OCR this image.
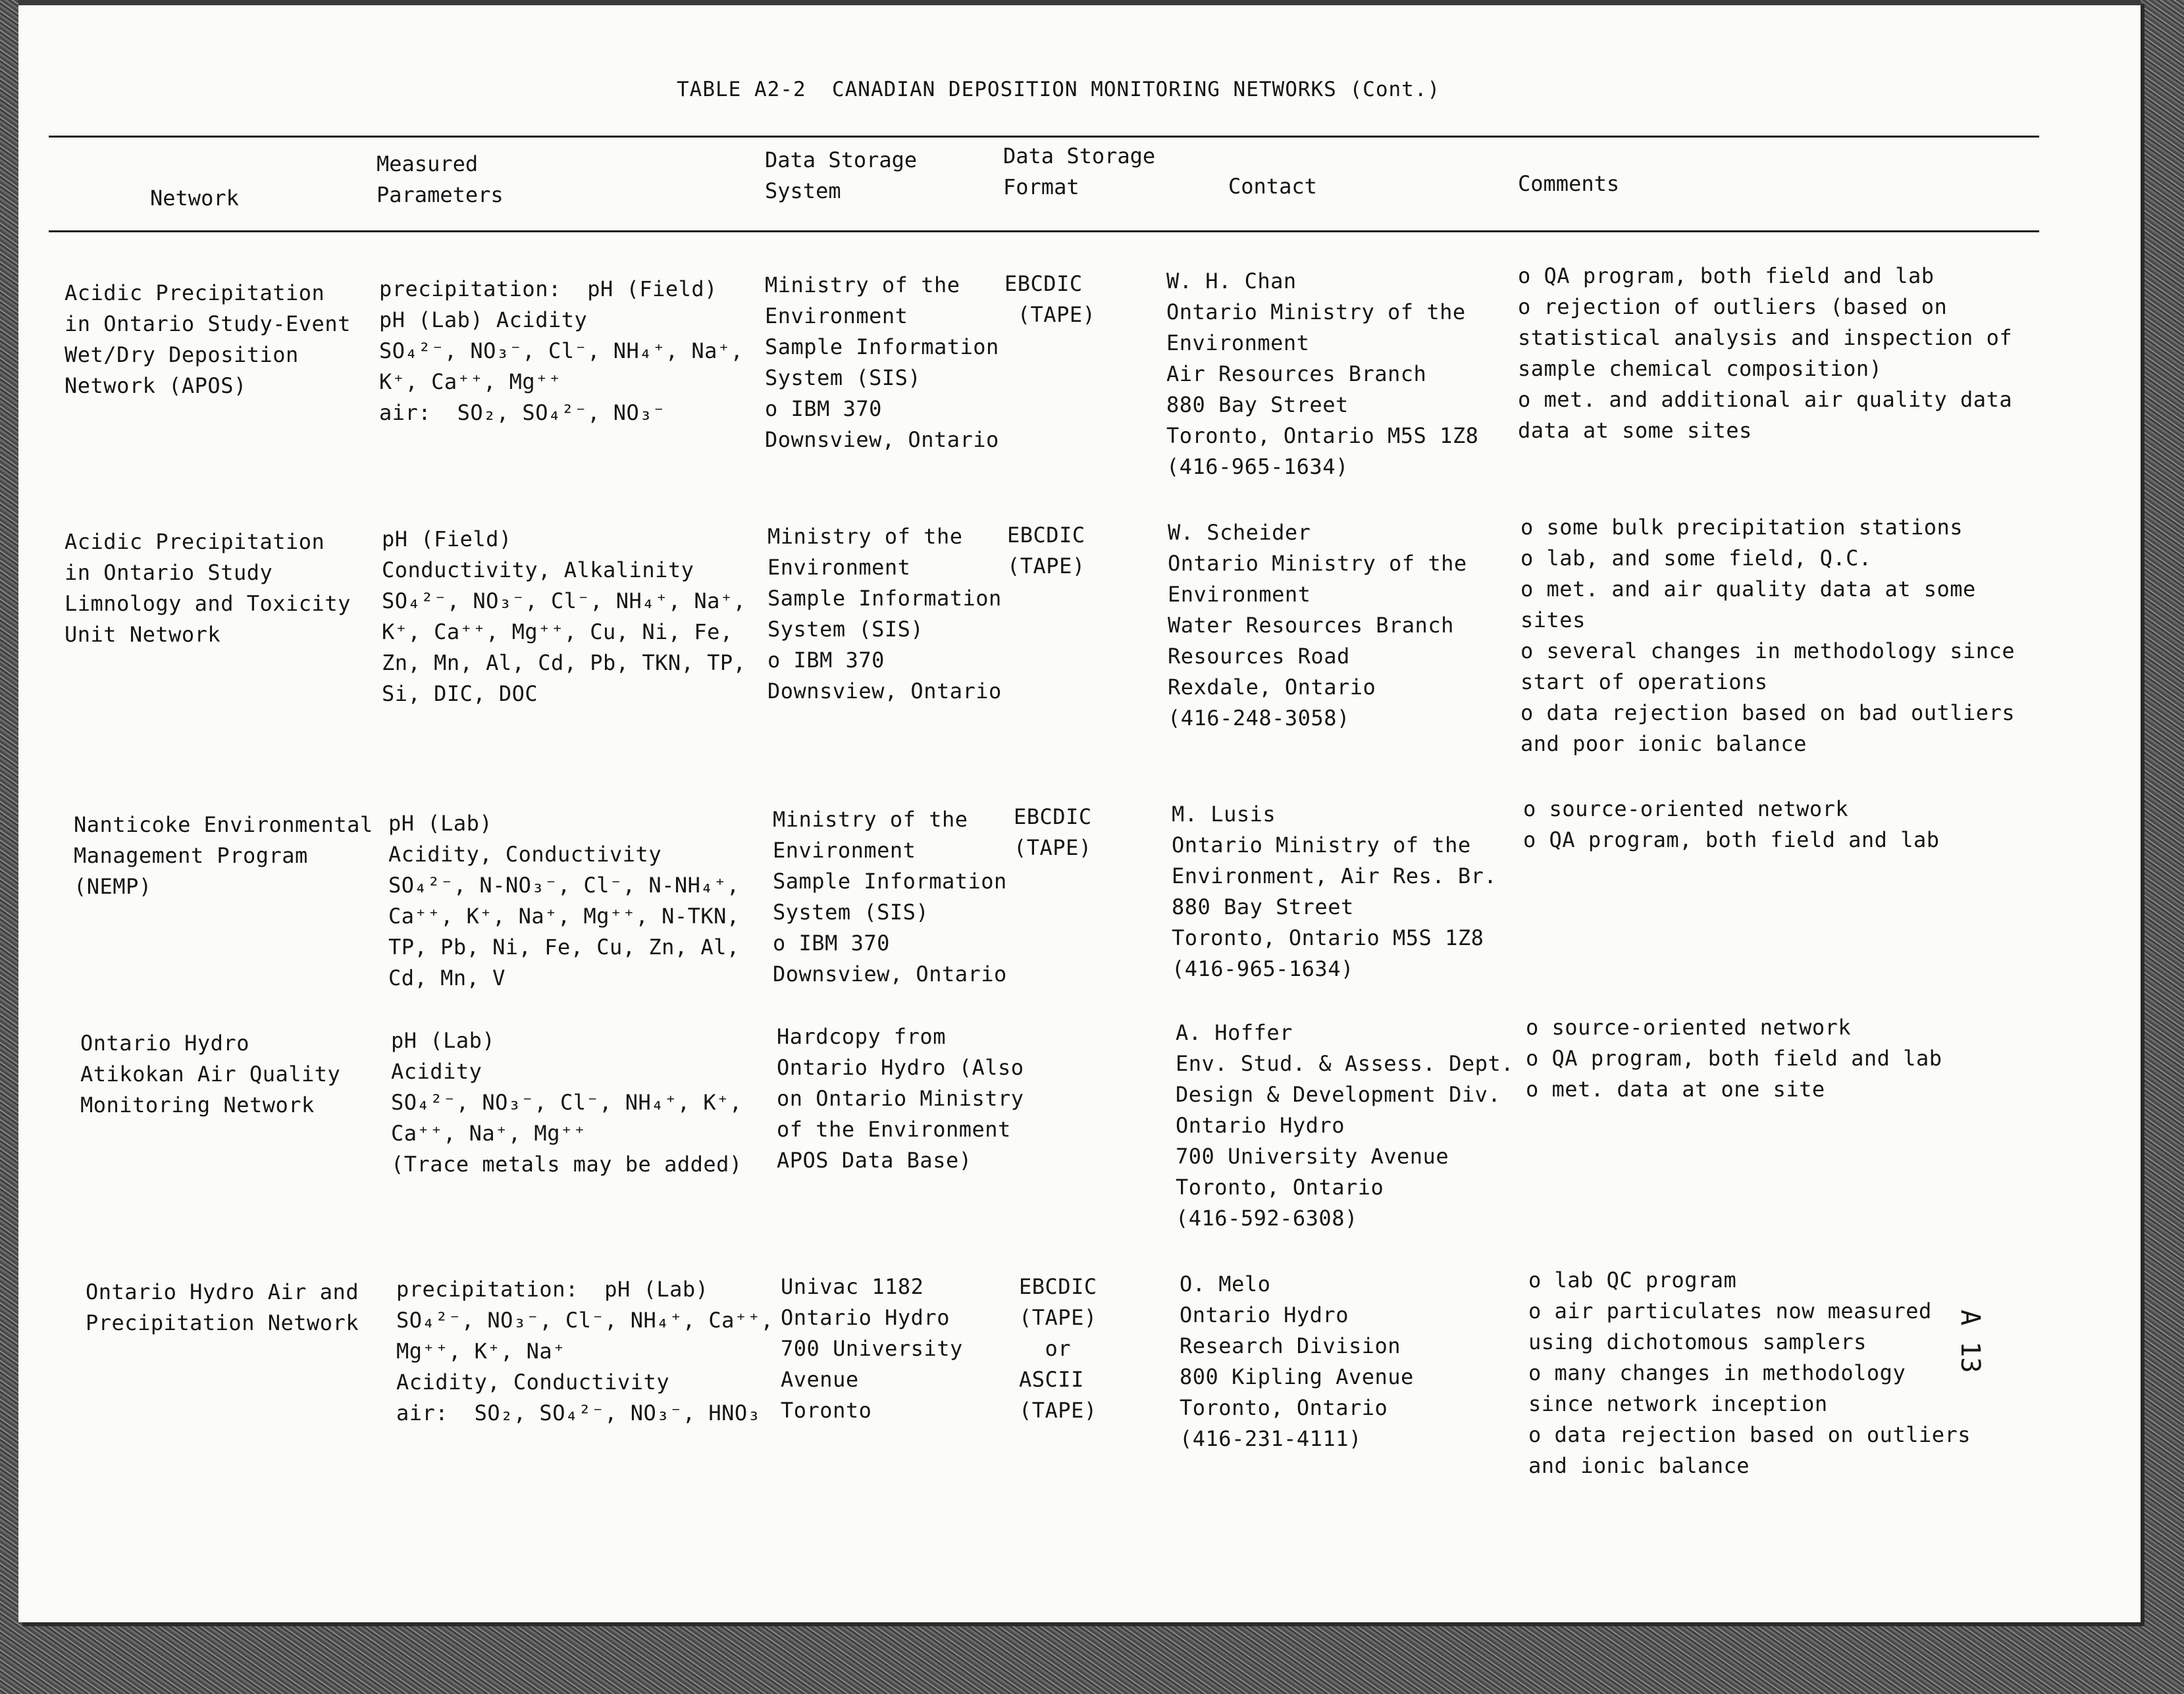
TABLE A2-2  CANADIAN DEPOSITION MONITORING NETWORKS (Cont.)
Network
Measured
Parameters
Data Storage
System
Data Storage
Format	Contact	Comments
Acidic Precipitation
in Ontario Study-Event
Wet/Dry Deposition
Network (APOS)
precipitation:  pH (Field)
pH (Lab) Acidity
SO₄²⁻, NO₃⁻, Cl⁻, NH₄⁺, Na⁺,
K⁺, Ca⁺⁺, Mg⁺⁺
air:  SO₂, SO₄²⁻, NO₃⁻
Ministry of the
Environment
Sample Information
System (SIS)
o IBM 370
Downsview, Ontario
EBCDIC
(TAPE)
W. H. Chan
Ontario Ministry of the
Environment
Air Resources Branch
880 Bay Street
Toronto, Ontario M5S 1Z8
(416-965-1634)
o QA program, both field and lab
o rejection of outliers (based on
statistical analysis and inspection of
sample chemical composition)
o met. and additional air quality data
data at some sites
Acidic Precipitation
in Ontario Study
Limnology and Toxicity
Unit Network
pH (Field)
Conductivity, Alkalinity
SO₄²⁻, NO₃⁻, Cl⁻, NH₄⁺, Na⁺,
K⁺, Ca⁺⁺, Mg⁺⁺, Cu, Ni, Fe,
Zn, Mn, Al, Cd, Pb, TKN, TP,
Si, DIC, DOC
Ministry of the
Environment
Sample Information
System (SIS)
o IBM 370
Downsview, Ontario
EBCDIC
(TAPE)
W. Scheider
Ontario Ministry of the
Environment
Water Resources Branch
Resources Road
Rexdale, Ontario
(416-248-3058)
o some bulk precipitation stations
o lab, and some field, Q.C.
o met. and air quality data at some
sites
o several changes in methodology since
start of operations
o data rejection based on bad outliers
and poor ionic balance
Nanticoke Environmental
Management Program
(NEMP)
pH (Lab)
Acidity, Conductivity
SO₄²⁻, N-NO₃⁻, Cl⁻, N-NH₄⁺,
Ca⁺⁺, K⁺, Na⁺, Mg⁺⁺, N-TKN,
TP, Pb, Ni, Fe, Cu, Zn, Al,
Cd, Mn, V
Ministry of the
Environment
Sample Information
System (SIS)
o IBM 370
Downsview, Ontario
EBCDIC
(TAPE)
M. Lusis
Ontario Ministry of the
Environment, Air Res. Br.
880 Bay Street
Toronto, Ontario M5S 1Z8
(416-965-1634)
o source-oriented network
o QA program, both field and lab
Ontario Hydro
Atikokan Air Quality
Monitoring Network
pH (Lab)
Acidity
SO₄²⁻, NO₃⁻, Cl⁻, NH₄⁺, K⁺,
Ca⁺⁺, Na⁺, Mg⁺⁺
(Trace metals may be added)
Hardcopy from
Ontario Hydro (Also
on Ontario Ministry
of the Environment
APOS Data Base)
A. Hoffer
Env. Stud. & Assess. Dept.
Design & Development Div.
Ontario Hydro
700 University Avenue
Toronto, Ontario
(416-592-6308)
o source-oriented network
o QA program, both field and lab
o met. data at one site
Ontario Hydro Air and
Precipitation Network
precipitation:  pH (Lab)
SO₄²⁻, NO₃⁻, Cl⁻, NH₄⁺, Ca⁺⁺,
Mg⁺⁺, K⁺, Na⁺
Acidity, Conductivity
air:  SO₂, SO₄²⁻, NO₃⁻, HNO₃
Univac 1182
Ontario Hydro
700 University
Avenue
Toronto
EBCDIC
(TAPE)
or
ASCII
(TAPE)
O. Melo
Ontario Hydro
Research Division
800 Kipling Avenue
Toronto, Ontario
(416-231-4111)
o lab QC program
o air particulates now measured
using dichotomous samplers
o many changes in methodology
since network inception
o data rejection based on outliers
and ionic balance
A 13
